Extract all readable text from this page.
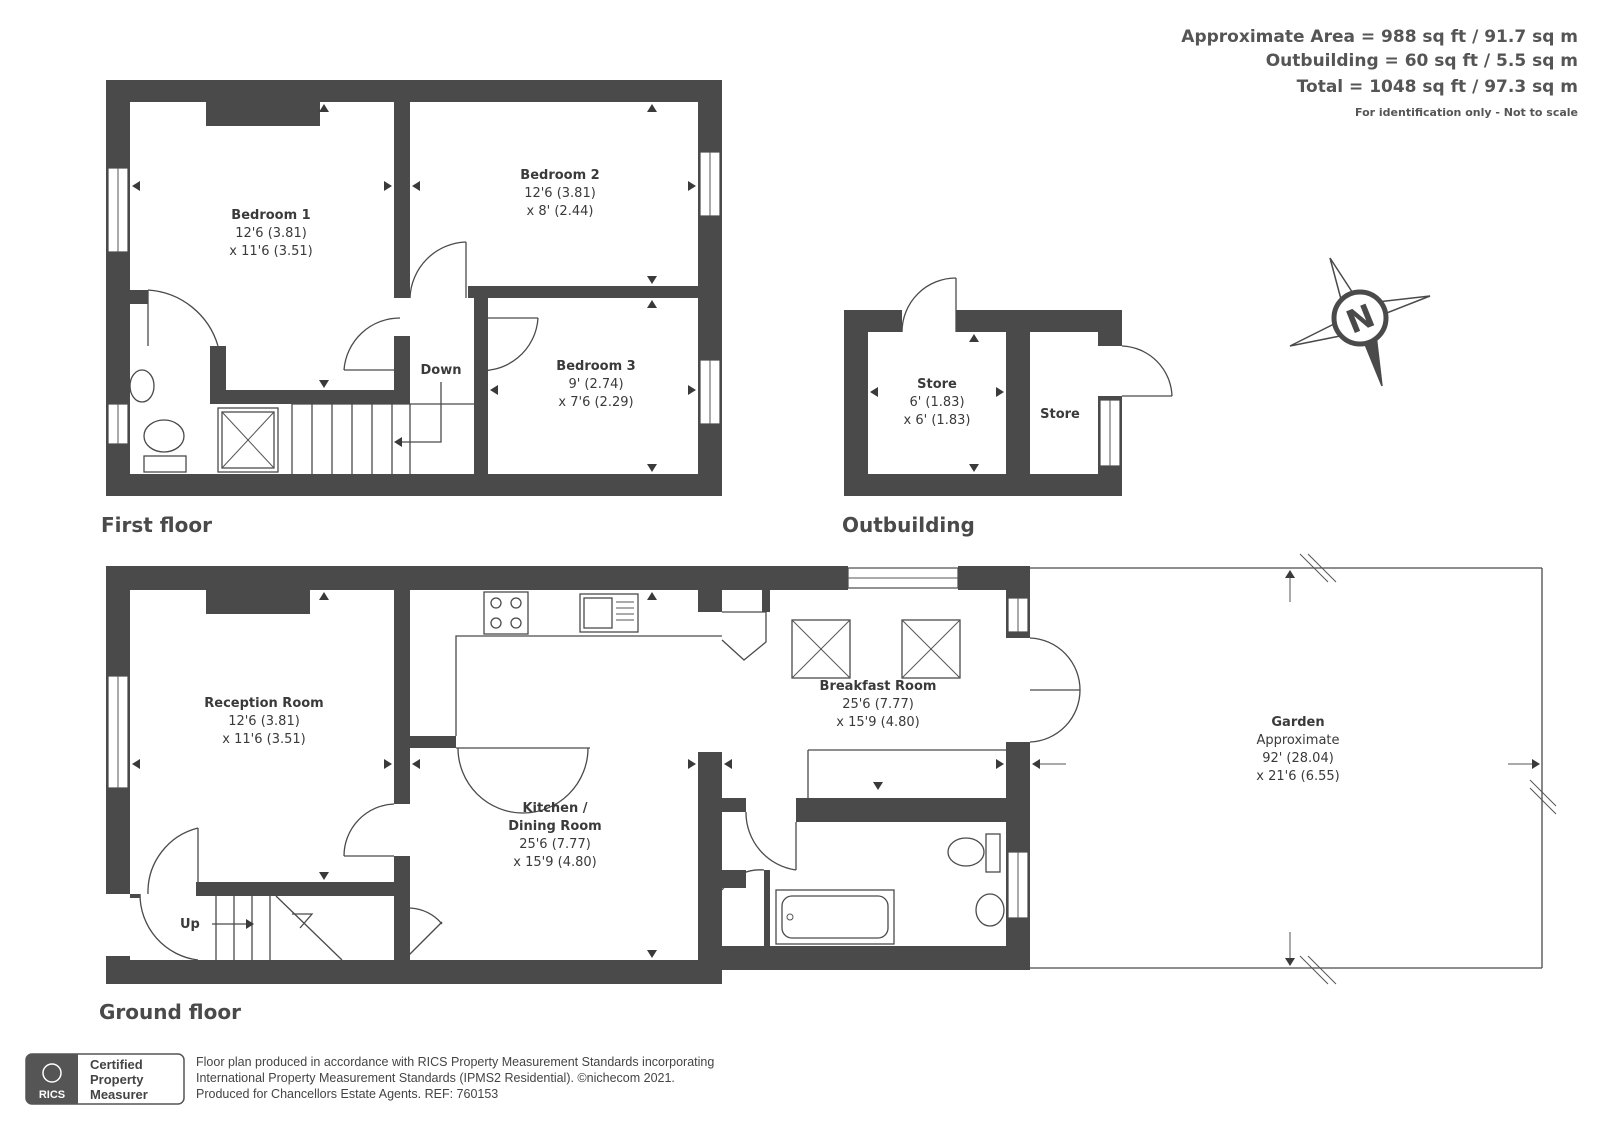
Approximate Area = 988 sq ft / 91.7 sq m
Outbuilding = 60 sq ft / 5.5 sq m
Total = 1048 sq ft / 97.3 sq m
For identification only - Not to scale
Down
Bedroom 1
12'6 (3.81)
x 11'6 (3.51)
Bedroom 2
12'6 (3.81)
x 8' (2.44)
Bedroom 3
9' (2.74)
x 7'6 (2.29)
First floor
Store
6' (1.83)
x 6' (1.83)	Store
Outbuilding
N
Up
Reception Room
12'6 (3.81)
x 11'6 (3.51)
Kitchen /
Dining Room
25'6 (7.77)
x 15'9 (4.80)
Breakfast Room
25'6 (7.77)
x 15'9 (4.80)	Garden
Approximate
92' (28.04)
x 21'6 (6.55)
Ground floor
RICS
Certified
Property
Measurer
Floor plan produced in accordance with RICS Property Measurement Standards incorporating
International Property Measurement Standards (IPMS2 Residential). ©nichecom 2021.
Produced for Chancellors Estate Agents. REF: 760153
